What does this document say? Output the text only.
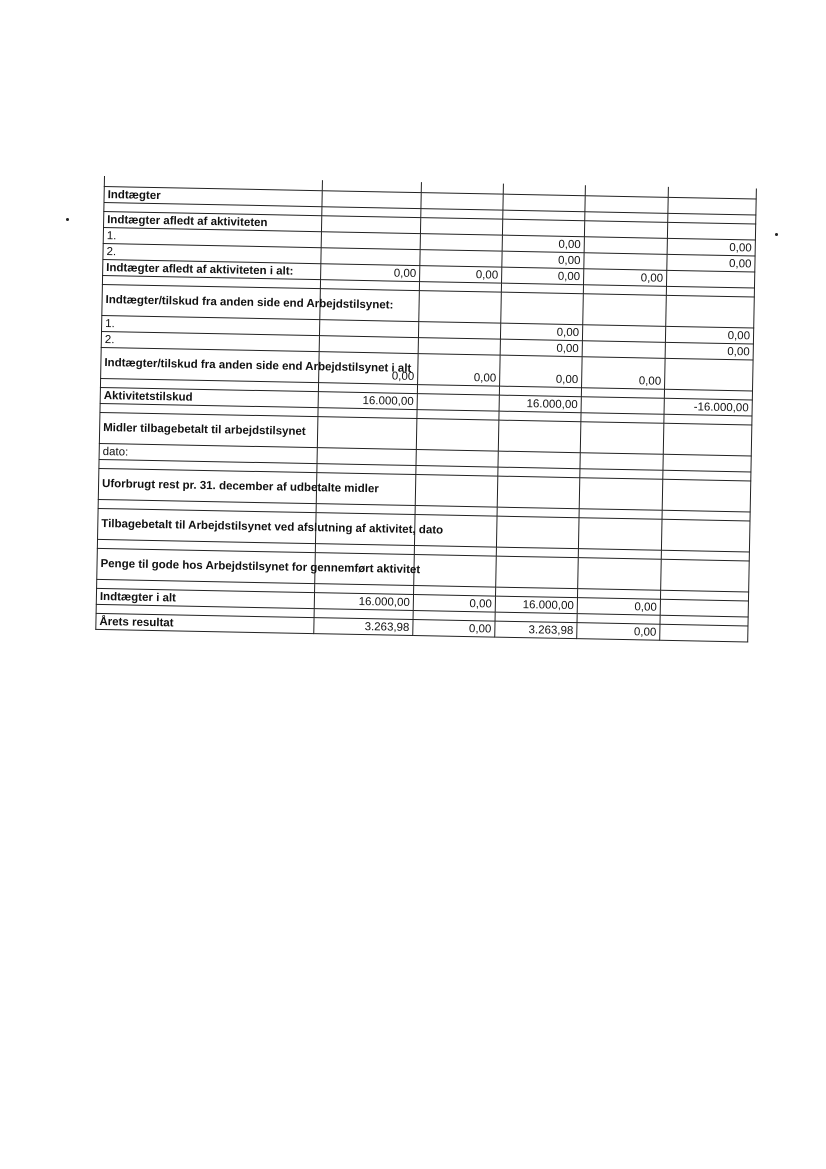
Indtægter					

Indtægter afledt af aktiviteten					
1.			0,00		0,00
2.			0,00		0,00
Indtægter afledt af aktiviteten i alt:	0,00	0,00	0,00	0,00	

Indtægter/tilskud fra anden side end Arbejdstilsynet:					
1.			0,00		0,00
2.			0,00		0,00
Indtægter/tilskud fra anden side end Arbejdstilsynet i alt	0,00	0,00	0,00	0,00	

Aktivitetstilskud	16.000,00		16.000,00		-16.000,00

Midler tilbagebetalt til arbejdstilsynet					
dato:					

Uforbrugt rest pr. 31. december af udbetalte midler					

Tilbagebetalt til Arbejdstilsynet ved afslutning af aktivitet, dato					

Penge til gode hos Arbejdstilsynet for gennemført aktivitet					

Indtægter i alt	16.000,00	0,00	16.000,00	0,00	

Årets resultat	3.263,98	0,00	3.263,98	0,00	
